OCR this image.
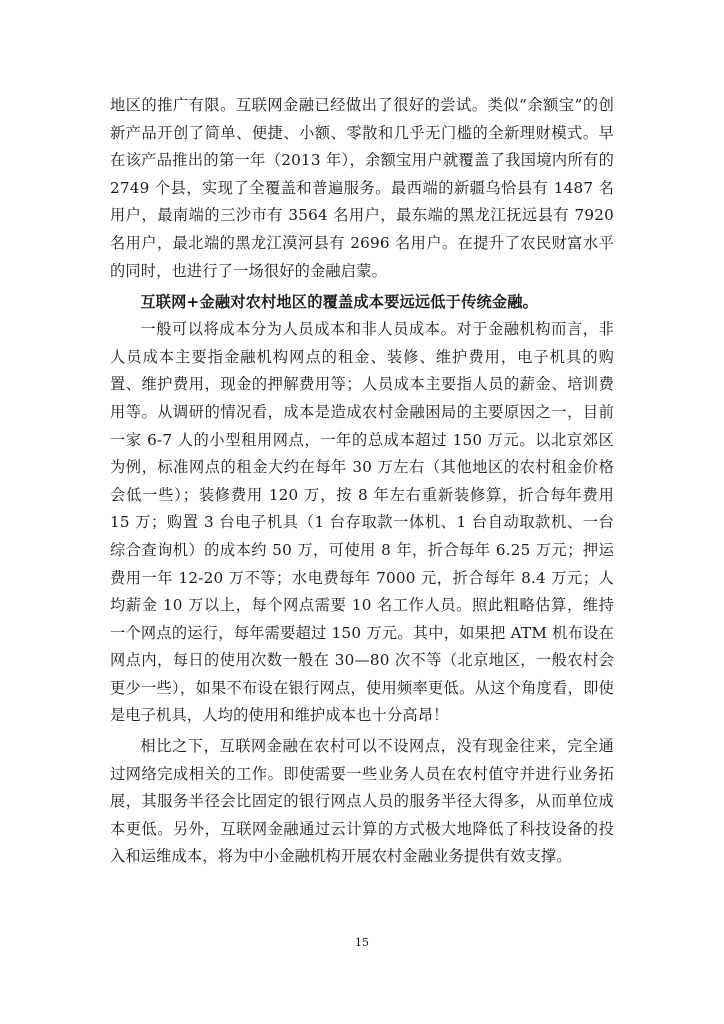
地区的推广有限。互联网金融已经做出了很好的尝试。类似“余额宝”的创新产品开创了简单、便捷、小额、零散和几乎无门槛的全新理财模式。早在该产品推出的第一年（2013 年），余额宝用户就覆盖了我国境内所有的 2749 个县，实现了全覆盖和普遍服务。最西端的新疆乌恰县有 1487 名用户，最南端的三沙市有 3564 名用户，最东端的黑龙江抚远县有 7920 名用户，最北端的黑龙江漠河县有 2696 名用户。在提升了农民财富水平的同时，也进行了一场很好的金融启蒙。

互联网+金融对农村地区的覆盖成本要远远低于传统金融。

一般可以将成本分为人员成本和非人员成本。对于金融机构而言，非人员成本主要指金融机构网点的租金、装修、维护费用，电子机具的购置、维护费用，现金的押解费用等；人员成本主要指人员的薪金、培训费用等。从调研的情况看，成本是造成农村金融困局的主要原因之一，目前一家 6-7 人的小型租用网点，一年的总成本超过 150 万元。以北京郊区为例，标准网点的租金大约在每年 30 万左右（其他地区的农村租金价格会低一些）；装修费用 120 万，按 8 年左右重新装修算，折合每年费用 15 万；购置 3 台电子机具（1 台存取款一体机、1 台自动取款机、一台综合查询机）的成本约 50 万，可使用 8 年，折合每年 6.25 万元；押运费用一年 12-20 万不等；水电费每年 7000 元，折合每年 8.4 万元；人均薪金 10 万以上，每个网点需要 10 名工作人员。照此粗略估算，维持一个网点的运行，每年需要超过 150 万元。其中，如果把 ATM 机布设在网点内，每日的使用次数一般在 30—80 次不等（北京地区，一般农村会更少一些），如果不布设在银行网点，使用频率更低。从这个角度看，即使是电子机具，人均的使用和维护成本也十分高昂！

相比之下，互联网金融在农村可以不设网点，没有现金往来，完全通过网络完成相关的工作。即使需要一些业务人员在农村值守并进行业务拓展，其服务半径会比固定的银行网点人员的服务半径大得多，从而单位成本更低。另外，互联网金融通过云计算的方式极大地降低了科技设备的投入和运维成本，将为中小金融机构开展农村金融业务提供有效支撑。

15
